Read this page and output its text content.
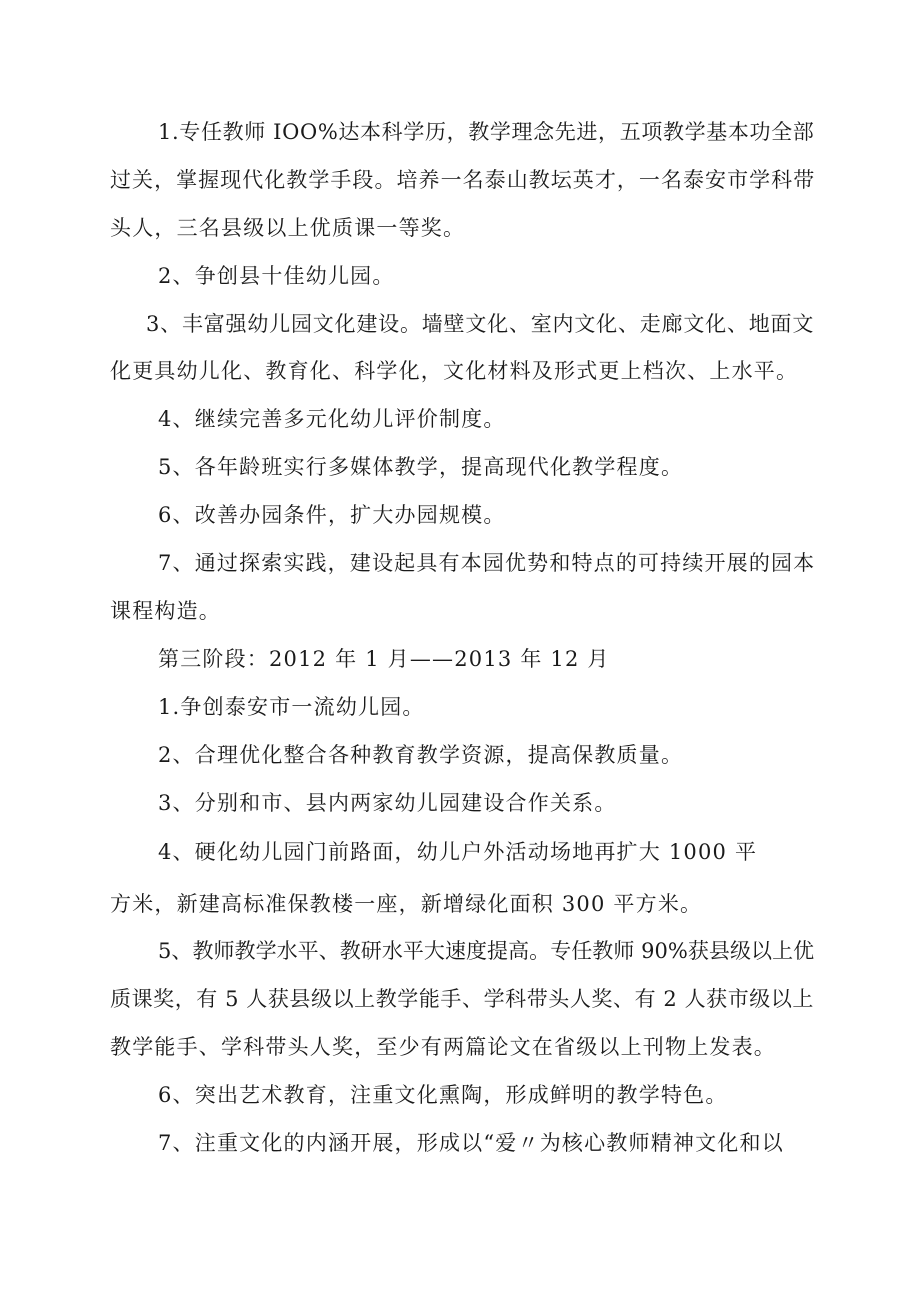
1.专任教师 IOO%达本科学历，教学理念先进，五项教学基本功全部
过关，掌握现代化教学手段。培养一名泰山教坛英才，一名泰安市学科带
头人，三名县级以上优质课一等奖。
2、争创县十佳幼儿园。
3、丰富强幼儿园文化建设。墙壁文化、室内文化、走廊文化、地面文
化更具幼儿化、教育化、科学化，文化材料及形式更上档次、上水平。
4、继续完善多元化幼儿评价制度。
5、各年龄班实行多媒体教学，提高现代化教学程度。
6、改善办园条件，扩大办园规模。
7、通过探索实践，建设起具有本园优势和特点的可持续开展的园本
课程构造。
第三阶段：2012 年 1 月——2013 年 12 月
1.争创泰安市一流幼儿园。
2、合理优化整合各种教育教学资源，提高保教质量。
3、分别和市、县内两家幼儿园建设合作关系。
4、硬化幼儿园门前路面，幼儿户外活动场地再扩大 1000 平
方米，新建高标准保教楼一座，新增绿化面积 300 平方米。
5、教师教学水平、教研水平大速度提高。专任教师 90%获县级以上优
质课奖，有 5 人获县级以上教学能手、学科带头人奖、有 2 人获市级以上
教学能手、学科带头人奖，至少有两篇论文在省级以上刊物上发表。
6、突出艺术教育，注重文化熏陶，形成鲜明的教学特色。
7、注重文化的内涵开展，形成以“爱〃为核心教师精神文化和以
